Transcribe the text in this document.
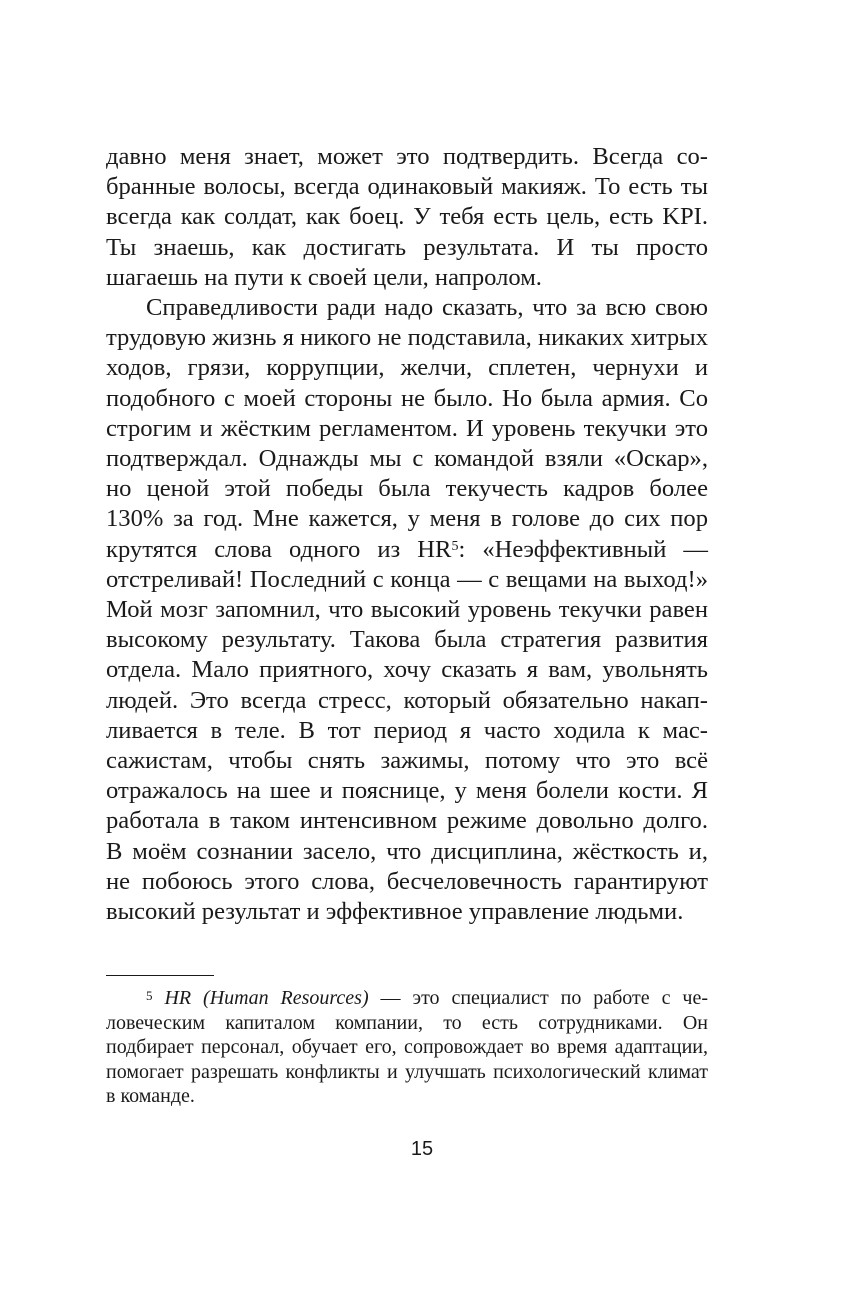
давно меня знает, может это подтвердить. Всегда собранные волосы, всегда одинаковый макияж. То есть ты всегда как солдат, как боец. У тебя есть цель, есть KPI. Ты знаешь, как достигать результата. И ты просто шагаешь на пути к своей цели, напролом.

Справедливости ради надо сказать, что за всю свою трудовую жизнь я никого не подставила, никаких хитрых ходов, грязи, коррупции, желчи, сплетен, чернухи и подобного с моей стороны не было. Но была армия. Со строгим и жёстким регламентом. И уровень текучки это подтверждал. Однажды мы с командой взяли «Оскар», но ценой этой победы была текучесть кадров более 130% за год. Мне кажется, у меня в голове до сих пор крутятся слова одного из HR$^5$: «Неэффективный — отстреливай! Последний с конца — с вещами на выход!» Мой мозг запомнил, что высокий уровень текучки равен высокому результату. Такова была стратегия развития отдела. Мало приятного, хочу сказать я вам, увольнять людей. Это всегда стресс, который обязательно накапливается в теле. В тот период я часто ходила к массажистам, чтобы снять зажимы, потому что это всё отражалось на шее и пояснице, у меня болели кости. Я работала в таком интенсивном режиме довольно долго. В моём сознании засело, что дисциплина, жёсткость и, не побоюсь этого слова, бесчеловечность гарантируют высокий результат и эффективное управление людьми.

$^5$ HR (Human Resources) — это специалист по работе с человеческим капиталом компании, то есть сотрудниками. Он подбирает персонал, обучает его, сопровождает во время адаптации, помогает разрешать конфликты и улучшать психологический климат в команде.
15
